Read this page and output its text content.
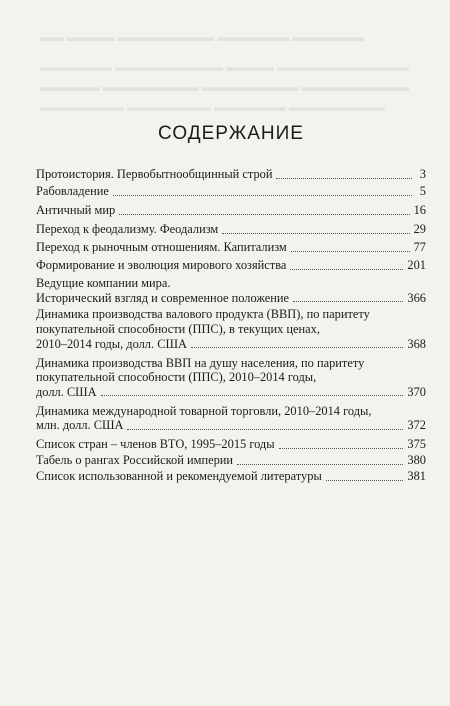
▬▬ ▬▬▬▬ ▬▬▬▬▬▬▬▬ ▬▬▬▬▬▬ ▬▬▬▬▬▬
▬▬▬▬▬▬ ▬▬▬▬▬▬▬▬▬ ▬▬▬▬ ▬▬▬▬▬▬▬▬▬▬▬
▬▬▬▬▬ ▬▬▬▬▬▬▬▬ ▬▬▬▬▬▬▬▬ ▬▬▬▬▬▬▬▬▬
▬▬▬▬▬▬▬ ▬▬▬▬▬▬▬ ▬▬▬▬▬▬ ▬▬▬▬▬▬▬▬
СОДЕРЖАНИЕ
Протоистория. Первобытнообщинный строй	3
Рабовладение	5
Античный мир	16
Переход к феодализму. Феодализм	29
Переход к рыночным отношениям. Капитализм	77
Формирование и эволюция мирового хозяйства	201
Ведущие компании мира.
Исторический взгляд и современное положение	366
Динамика производства валового продукта (ВВП), по паритету
покупательной способности (ППС), в текущих ценах,
2010–2014 годы, долл. США	368
Динамика производства ВВП на душу населения, по паритету
покупательной способности (ППС), 2010–2014 годы,
долл. США	370
Динамика международной товарной торговли, 2010–2014 годы,
млн. долл. США	372
Список стран – членов ВТО, 1995–2015 годы	375
Табель о рангах Российской империи	380
Список использованной и рекомендуемой литературы	381
